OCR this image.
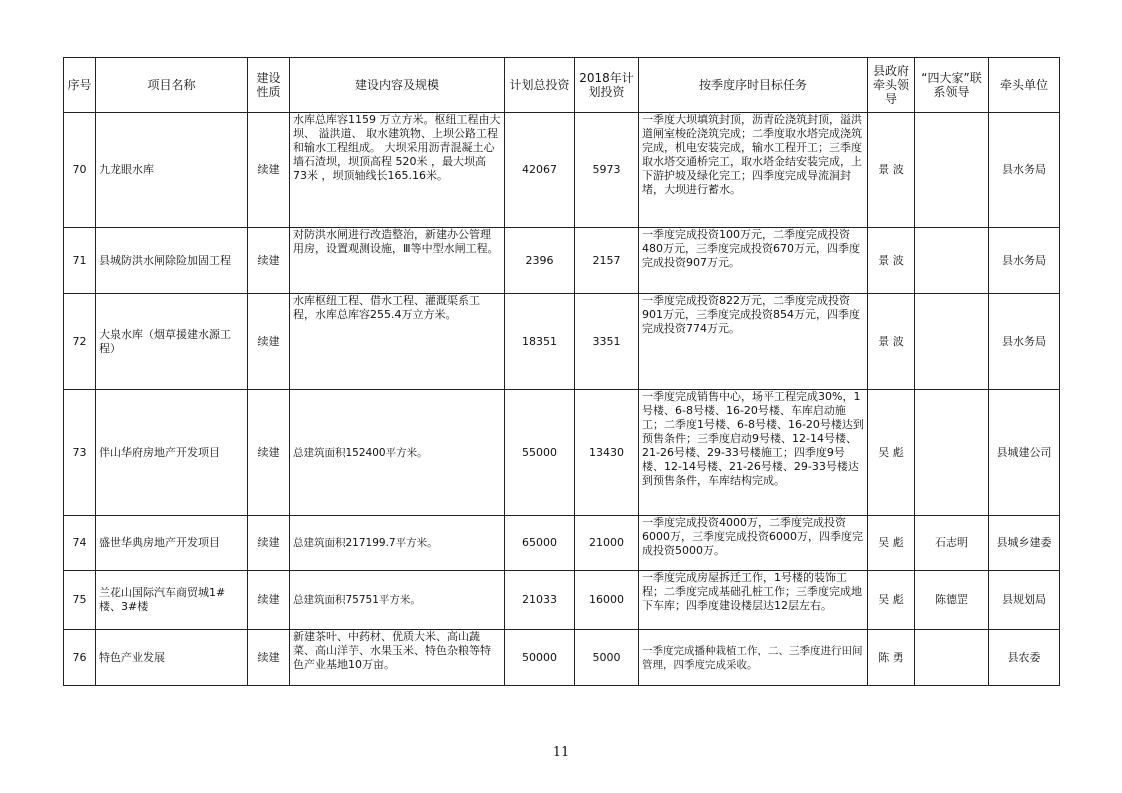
序号	项目名称	建设性质	建设内容及规模	计划总投资	2018年计划投资	按季度序时目标任务	县政府牵头领导	“四大家”联系领导	牵头单位
70	九龙眼水库	续建	水库总库容1159 万立方米。枢纽工程由大坝、 溢洪道、 取水建筑物、上坝公路工程和输水工程组成。 大坝采用沥青混凝土心墙石渣坝，坝顶高程 520米 ，最大坝高 73米 ，坝顶轴线长165.16米。	42067	5973	一季度大坝填筑封顶，沥青砼浇筑封顶，溢洪道闸室梭砼浇筑完成；二季度取水塔完成浇筑完成，机电安装完成，输水工程开工；三季度取水塔交通桥完工，取水塔金结安装完成，上下游护坡及绿化完工；四季度完成导流洞封堵，大坝进行蓄水。	景 波		县水务局
71	县城防洪水闸除险加固工程	续建	对防洪水闸进行改造整治，新建办公管理用房，设置观测设施，Ⅲ等中型水闸工程。	2396	2157	一季度完成投资100万元，二季度完成投资480万元，三季度完成投资670万元，四季度完成投资907万元。	景 波		县水务局
72	大泉水库（烟草援建水源工程）	续建	水库枢纽工程、借水工程、灌溉渠系工程，水库总库容255.4万立方米。	18351	3351	一季度完成投资822万元，二季度完成投资901万元，三季度完成投资854万元，四季度完成投资774万元。	景 波		县水务局
73	伴山华府房地产开发项目	续建	总建筑面积152400平方米。	55000	13430	一季度完成销售中心，场平工程完成30%，1号楼、6-8号楼、16-20号楼、车库启动施工；二季度1号楼、6-8号楼、16-20号楼达到预售条件；三季度启动9号楼、12-14号楼、21-26号楼、29-33号楼施工；四季度9号楼、12-14号楼、21-26号楼、29-33号楼达到预售条件，车库结构完成。	吴 彪		县城建公司
74	盛世华典房地产开发项目	续建	总建筑面积217199.7平方米。	65000	21000	一季度完成投资4000万，二季度完成投资6000万，三季度完成投资6000万，四季度完成投资5000万。	吴 彪	石志明	县城乡建委
75	兰花山国际汽车商贸城1#楼、3#楼	续建	总建筑面积75751平方米。	21033	16000	一季度完成房屋拆迁工作，1号楼的装饰工程；二季度完成基础孔桩工作；三季度完成地下车库；四季度建设楼层达12层左右。	吴 彪	陈德罡	县规划局
76	特色产业发展	续建	新建茶叶、中药材、优质大米、高山蔬菜、高山洋芋、水果玉米、特色杂粮等特色产业基地10万亩。	50000	5000	一季度完成播种栽植工作，二、三季度进行田间管理，四季度完成采收。	陈 勇		县农委
11
